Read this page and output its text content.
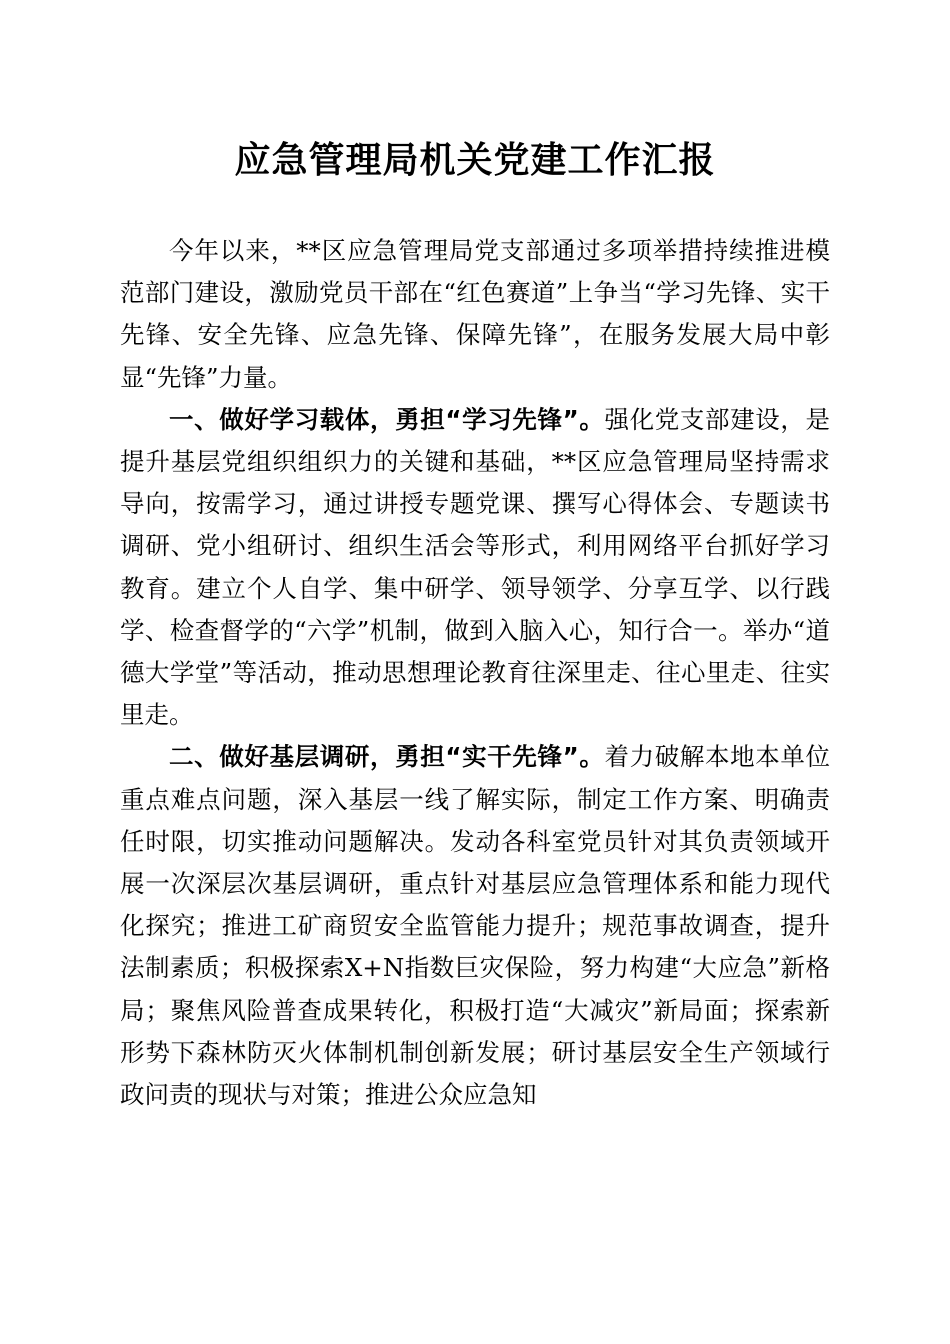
应急管理局机关党建工作汇报

今年以来，**区应急管理局党支部通过多项举措持续推进模范部门建设，激励党员干部在“红色赛道”上争当“学习先锋、实干先锋、安全先锋、应急先锋、保障先锋”，在服务发展大局中彰显“先锋”力量。

一、做好学习载体，勇担“学习先锋”。强化党支部建设，是提升基层党组织组织力的关键和基础，**区应急管理局坚持需求导向，按需学习，通过讲授专题党课、撰写心得体会、专题读书调研、党小组研讨、组织生活会等形式，利用网络平台抓好学习教育。建立个人自学、集中研学、领导领学、分享互学、以行践学、检查督学的“六学”机制，做到入脑入心，知行合一。举办“道德大学堂”等活动，推动思想理论教育往深里走、往心里走、往实里走。

二、做好基层调研，勇担“实干先锋”。着力破解本地本单位重点难点问题，深入基层一线了解实际，制定工作方案、明确责任时限，切实推动问题解决。发动各科室党员针对其负责领域开展一次深层次基层调研，重点针对基层应急管理体系和能力现代化探究；推进工矿商贸安全监管能力提升；规范事故调查，提升法制素质；积极探索X+N指数巨灾保险，努力构建“大应急”新格局；聚焦风险普查成果转化，积极打造“大减灾”新局面；探索新形势下森林防灭火体制机制创新发展；研讨基层安全生产领域行政问责的现状与对策；推进公众应急知
